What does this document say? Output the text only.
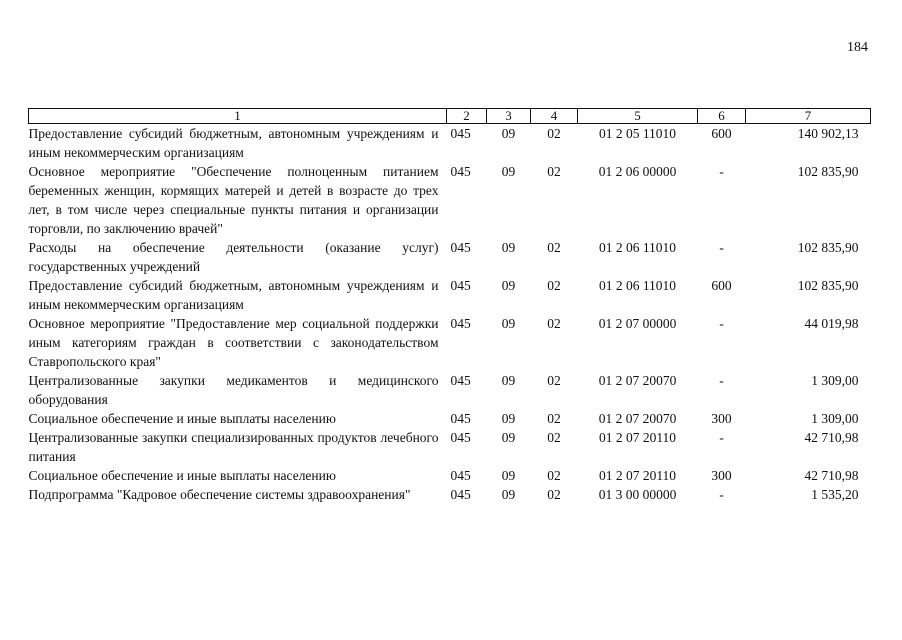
184
1	2	3	4	5	6	7
Предоставление субсидий бюджетным, автономным учреждениям и иным некоммерческим организациям	045	09	02	01 2 05 11010	600	140 902,13
Основное мероприятие "Обеспечение полноценным питанием беременных женщин, кормящих матерей и детей в возрасте до трех лет, в том числе через специальные пункты питания и организации торговли, по заключению врачей"	045	09	02	01 2 06 00000	-	102 835,90
Расходы на обеспечение деятельности (оказание услуг) государственных учреждений	045	09	02	01 2 06 11010	-	102 835,90
Предоставление субсидий бюджетным, автономным учреждениям и иным некоммерческим организациям	045	09	02	01 2 06 11010	600	102 835,90
Основное мероприятие "Предоставление мер социальной поддержки иным категориям граждан в соответствии с законодательством Ставропольского края"	045	09	02	01 2 07 00000	-	44 019,98
Централизованные закупки медикаментов и медицинского оборудования	045	09	02	01 2 07 20070	-	1 309,00
Социальное обеспечение и иные выплаты населению	045	09	02	01 2 07 20070	300	1 309,00
Централизованные закупки специализированных продуктов лечебного питания	045	09	02	01 2 07 20110	-	42 710,98
Социальное обеспечение и иные выплаты населению	045	09	02	01 2 07 20110	300	42 710,98
Подпрограмма "Кадровое обеспечение системы здравоохранения"	045	09	02	01 3 00 00000	-	1 535,20
